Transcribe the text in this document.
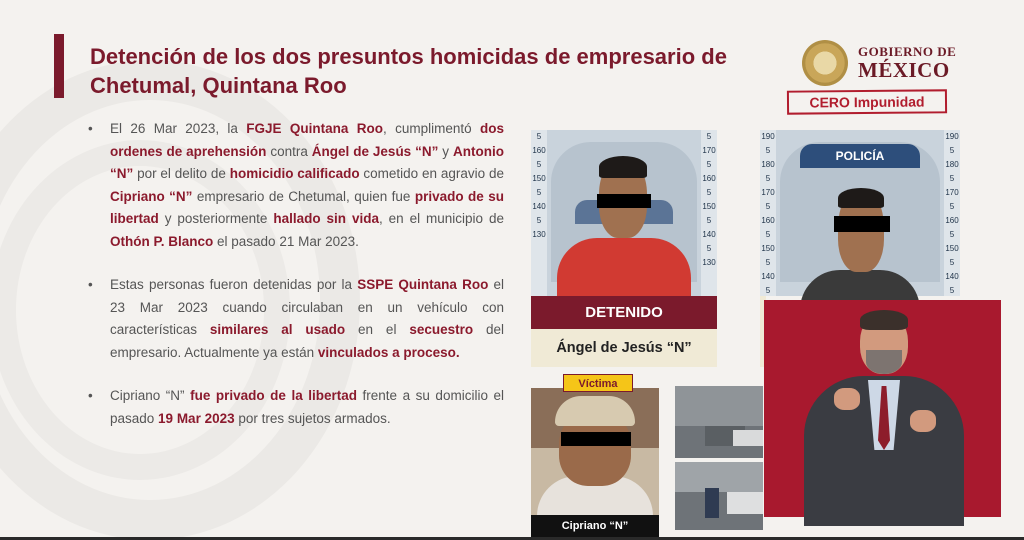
Detención de los dos presuntos homicidas de empresario de Chetumal, Quintana Roo
GOBIERNO DE
MÉXICO
CERO Impunidad
• El 26 Mar 2023, la FGJE Quintana Roo, cumplimentó dos ordenes de aprehensión contra Ángel de Jesús “N” y Antonio “N” por el delito de homicidio calificado cometido en agravio de Cipriano “N” empresario de Chetumal, quien fue privado de su libertad y posteriormente hallado sin vida, en el municipio de Othón P. Blanco el pasado 21 Mar 2023.
• Estas personas fueron detenidas por la SSPE Quintana Roo el 23 Mar 2023 cuando circulaban en un vehículo con características similares al usado en el secuestro del empresario. Actualmente ya están vinculados a proceso.
• Cipriano “N” fue privado de la libertad frente a su domicilio el pasado 19 Mar 2023 por tres sujetos armados.
5
160
5
150
5
140
5
130
5
170
5
160
5
150
5
140
5
130
190
5
180
5
170
5
160
5
150
5
140
5
190
5
180
5
170
5
160
5
150
5
140
5
POLICÍA
DETENIDO
Ángel de Jesús “N”
Víctima
Cipriano “N”
